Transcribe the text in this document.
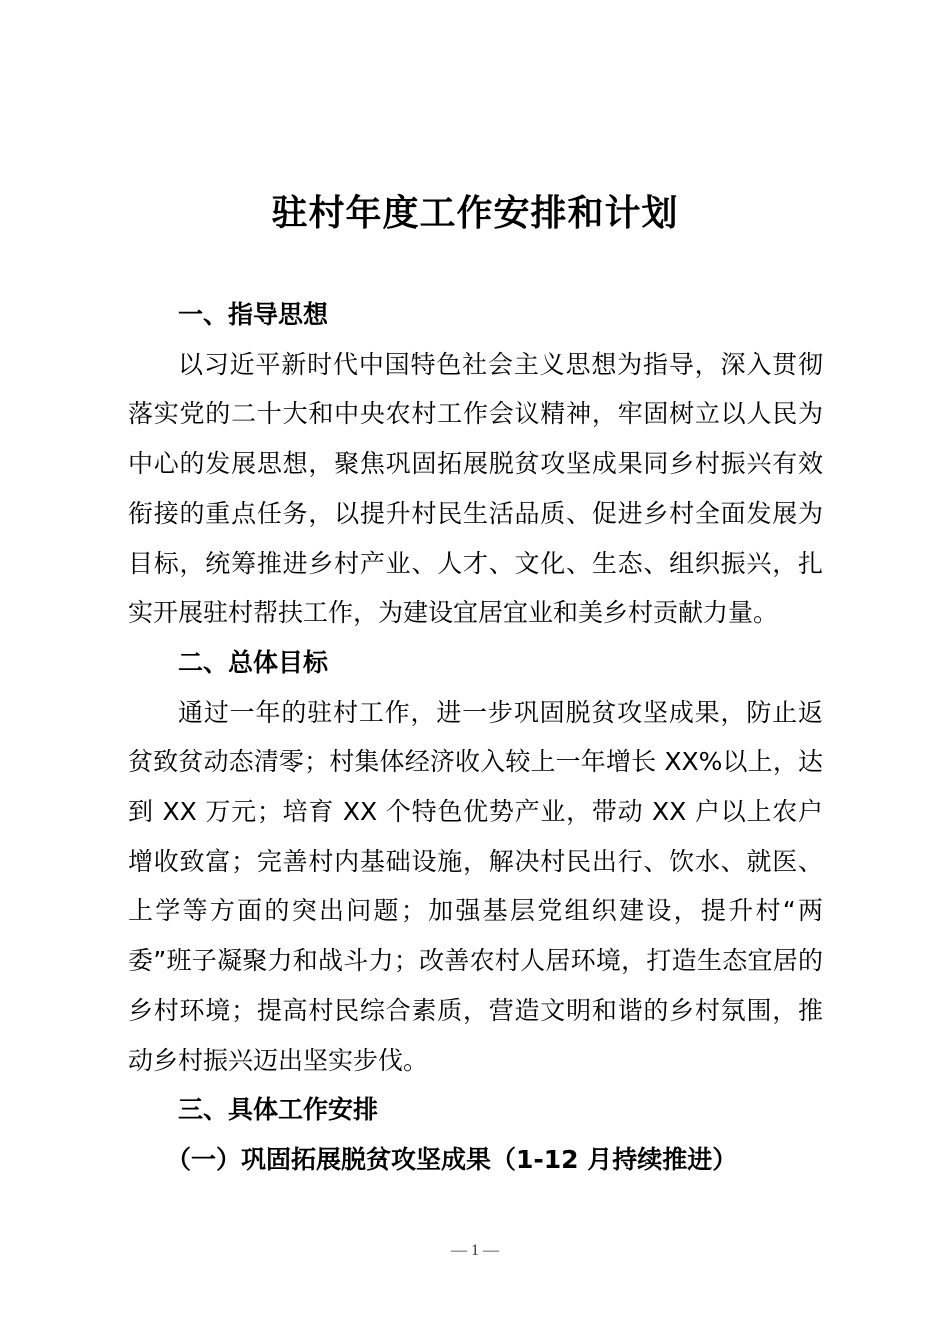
驻村年度工作安排和计划

一、指导思想

以习近平新时代中国特色社会主义思想为指导，深入贯彻落实党的二十大和中央农村工作会议精神，牢固树立以人民为中心的发展思想，聚焦巩固拓展脱贫攻坚成果同乡村振兴有效衔接的重点任务，以提升村民生活品质、促进乡村全面发展为目标，统筹推进乡村产业、人才、文化、生态、组织振兴，扎实开展驻村帮扶工作，为建设宜居宜业和美乡村贡献力量。

二、总体目标

通过一年的驻村工作，进一步巩固脱贫攻坚成果，防止返贫致贫动态清零；村集体经济收入较上一年增长 XX%以上，达到 XX 万元；培育 XX 个特色优势产业，带动 XX 户以上农户增收致富；完善村内基础设施，解决村民出行、饮水、就医、上学等方面的突出问题；加强基层党组织建设，提升村“两委”班子凝聚力和战斗力；改善农村人居环境，打造生态宜居的乡村环境；提高村民综合素质，营造文明和谐的乡村氛围，推动乡村振兴迈出坚实步伐。

三、具体工作安排

（一）巩固拓展脱贫攻坚成果（1-12 月持续推进）

— 1 —
